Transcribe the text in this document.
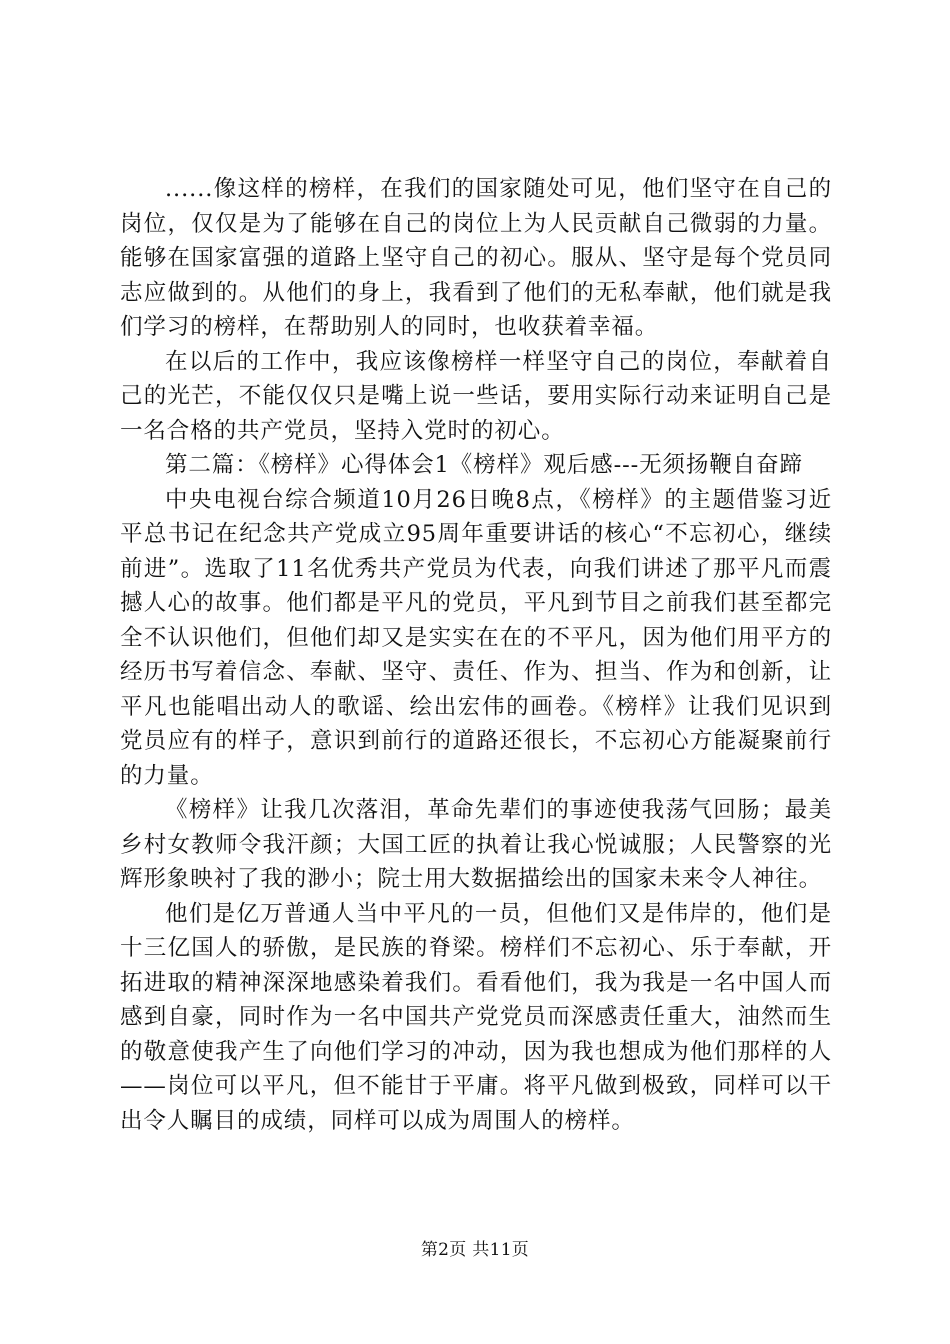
......像这样的榜样，在我们的国家随处可见，他们坚守在自己的岗位，仅仅是为了能够在自己的岗位上为人民贡献自己微弱的力量。能够在国家富强的道路上坚守自己的初心。服从、坚守是每个党员同志应做到的。从他们的身上，我看到了他们的无私奉献，他们就是我们学习的榜样，在帮助别人的同时，也收获着幸福。

在以后的工作中，我应该像榜样一样坚守自己的岗位，奉献着自己的光芒，不能仅仅只是嘴上说一些话，要用实际行动来证明自己是一名合格的共产党员，坚持入党时的初心。

第二篇：《榜样》心得体会1《榜样》观后感---无须扬鞭自奋蹄

中央电视台综合频道10月26日晚8点，《榜样》的主题借鉴习近平总书记在纪念共产党成立95周年重要讲话的核心“不忘初心，继续前进”。选取了11名优秀共产党员为代表，向我们讲述了那平凡而震撼人心的故事。他们都是平凡的党员，平凡到节目之前我们甚至都完全不认识他们，但他们却又是实实在在的不平凡，因为他们用平方的经历书写着信念、奉献、坚守、责任、作为、担当、作为和创新，让平凡也能唱出动人的歌谣、绘出宏伟的画卷。《榜样》让我们见识到党员应有的样子，意识到前行的道路还很长，不忘初心方能凝聚前行的力量。

《榜样》让我几次落泪，革命先辈们的事迹使我荡气回肠；最美乡村女教师令我汗颜；大国工匠的执着让我心悦诚服；人民警察的光辉形象映衬了我的渺小；院士用大数据描绘出的国家未来令人神往。

他们是亿万普通人当中平凡的一员，但他们又是伟岸的，他们是十三亿国人的骄傲，是民族的脊梁。榜样们不忘初心、乐于奉献，开拓进取的精神深深地感染着我们。看看他们，我为我是一名中国人而感到自豪，同时作为一名中国共产党党员而深感责任重大，油然而生的敬意使我产生了向他们学习的冲动，因为我也想成为他们那样的人——岗位可以平凡，但不能甘于平庸。将平凡做到极致，同样可以干出令人瞩目的成绩，同样可以成为周围人的榜样。

第2页 共11页
